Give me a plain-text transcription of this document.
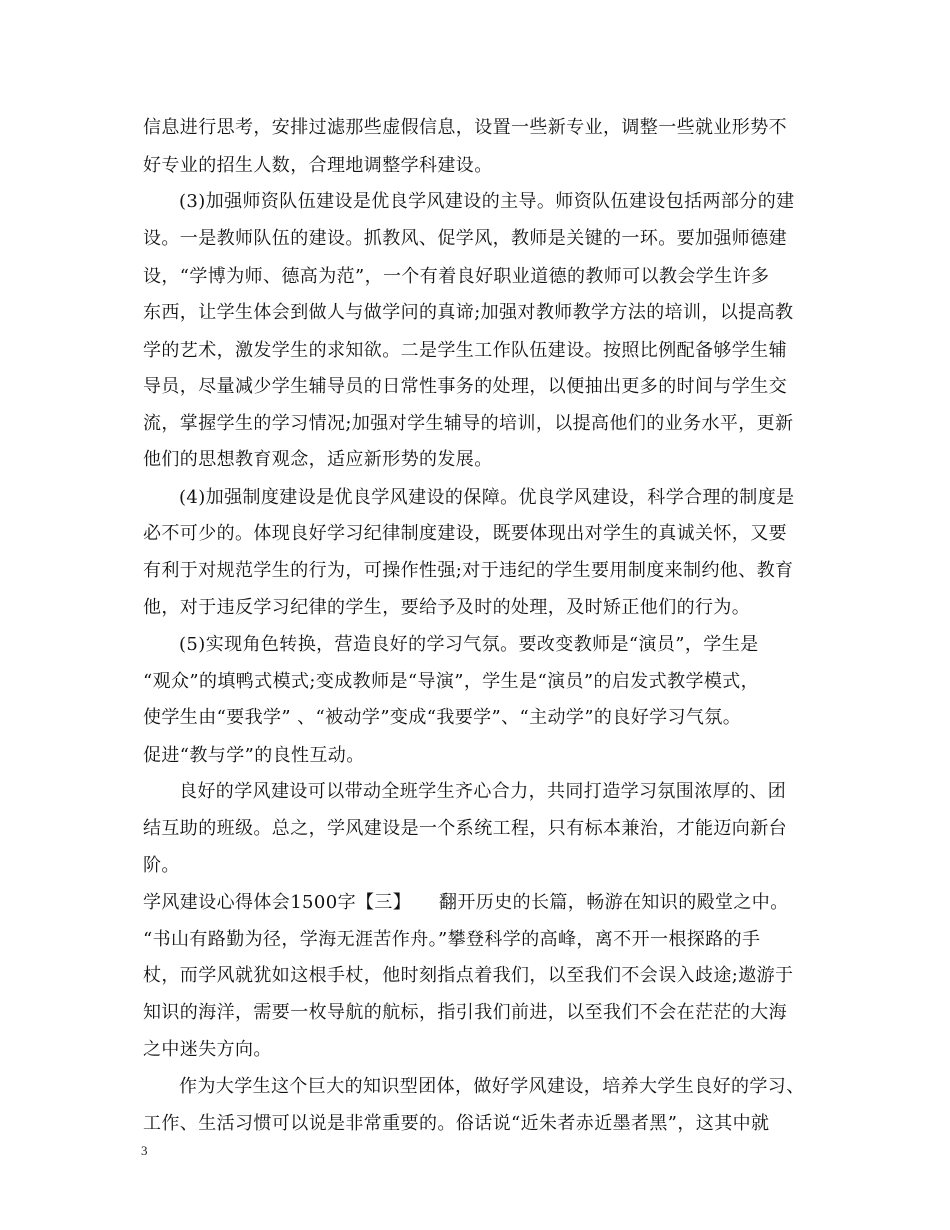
信息进行思考，安排过滤那些虚假信息，设置一些新专业，调整一些就业形势不
好专业的招生人数，合理地调整学科建设。
(3)加强师资队伍建设是优良学风建设的主导。师资队伍建设包括两部分的建
设。一是教师队伍的建设。抓教风、促学风，教师是关键的一环。要加强师德建
设，“学博为师、德高为范”，一个有着良好职业道德的教师可以教会学生许多
东西，让学生体会到做人与做学问的真谛;加强对教师教学方法的培训，以提高教
学的艺术，激发学生的求知欲。二是学生工作队伍建设。按照比例配备够学生辅
导员，尽量减少学生辅导员的日常性事务的处理，以便抽出更多的时间与学生交
流，掌握学生的学习情况;加强对学生辅导的培训，以提高他们的业务水平，更新
他们的思想教育观念，适应新形势的发展。
(4)加强制度建设是优良学风建设的保障。优良学风建设，科学合理的制度是
必不可少的。体现良好学习纪律制度建设，既要体现出对学生的真诚关怀，又要
有利于对规范学生的行为，可操作性强;对于违纪的学生要用制度来制约他、教育
他，对于违反学习纪律的学生，要给予及时的处理，及时矫正他们的行为。
(5)实现角色转换，营造良好的学习气氛。要改变教师是“演员”，学生是
“观众”的填鸭式模式;变成教师是“导演”，学生是“演员”的启发式教学模式，
使学生由“要我学” 、“被动学”变成“我要学”、“主动学”的良好学习气氛。
促进“教与学”的良性互动。
良好的学风建设可以带动全班学生齐心合力，共同打造学习氛围浓厚的、团
结互助的班级。总之，学风建设是一个系统工程，只有标本兼治，才能迈向新台
阶。
学风建设心得体会1500字【三】　　翻开历史的长篇，畅游在知识的殿堂之中。
“书山有路勤为径，学海无涯苦作舟。”攀登科学的高峰，离不开一根探路的手
杖，而学风就犹如这根手杖，他时刻指点着我们，以至我们不会误入歧途;遨游于
知识的海洋，需要一枚导航的航标，指引我们前进，以至我们不会在茫茫的大海
之中迷失方向。
作为大学生这个巨大的知识型团体，做好学风建设，培养大学生良好的学习、
工作、生活习惯可以说是非常重要的。俗话说“近朱者赤近墨者黑”，这其中就
3
